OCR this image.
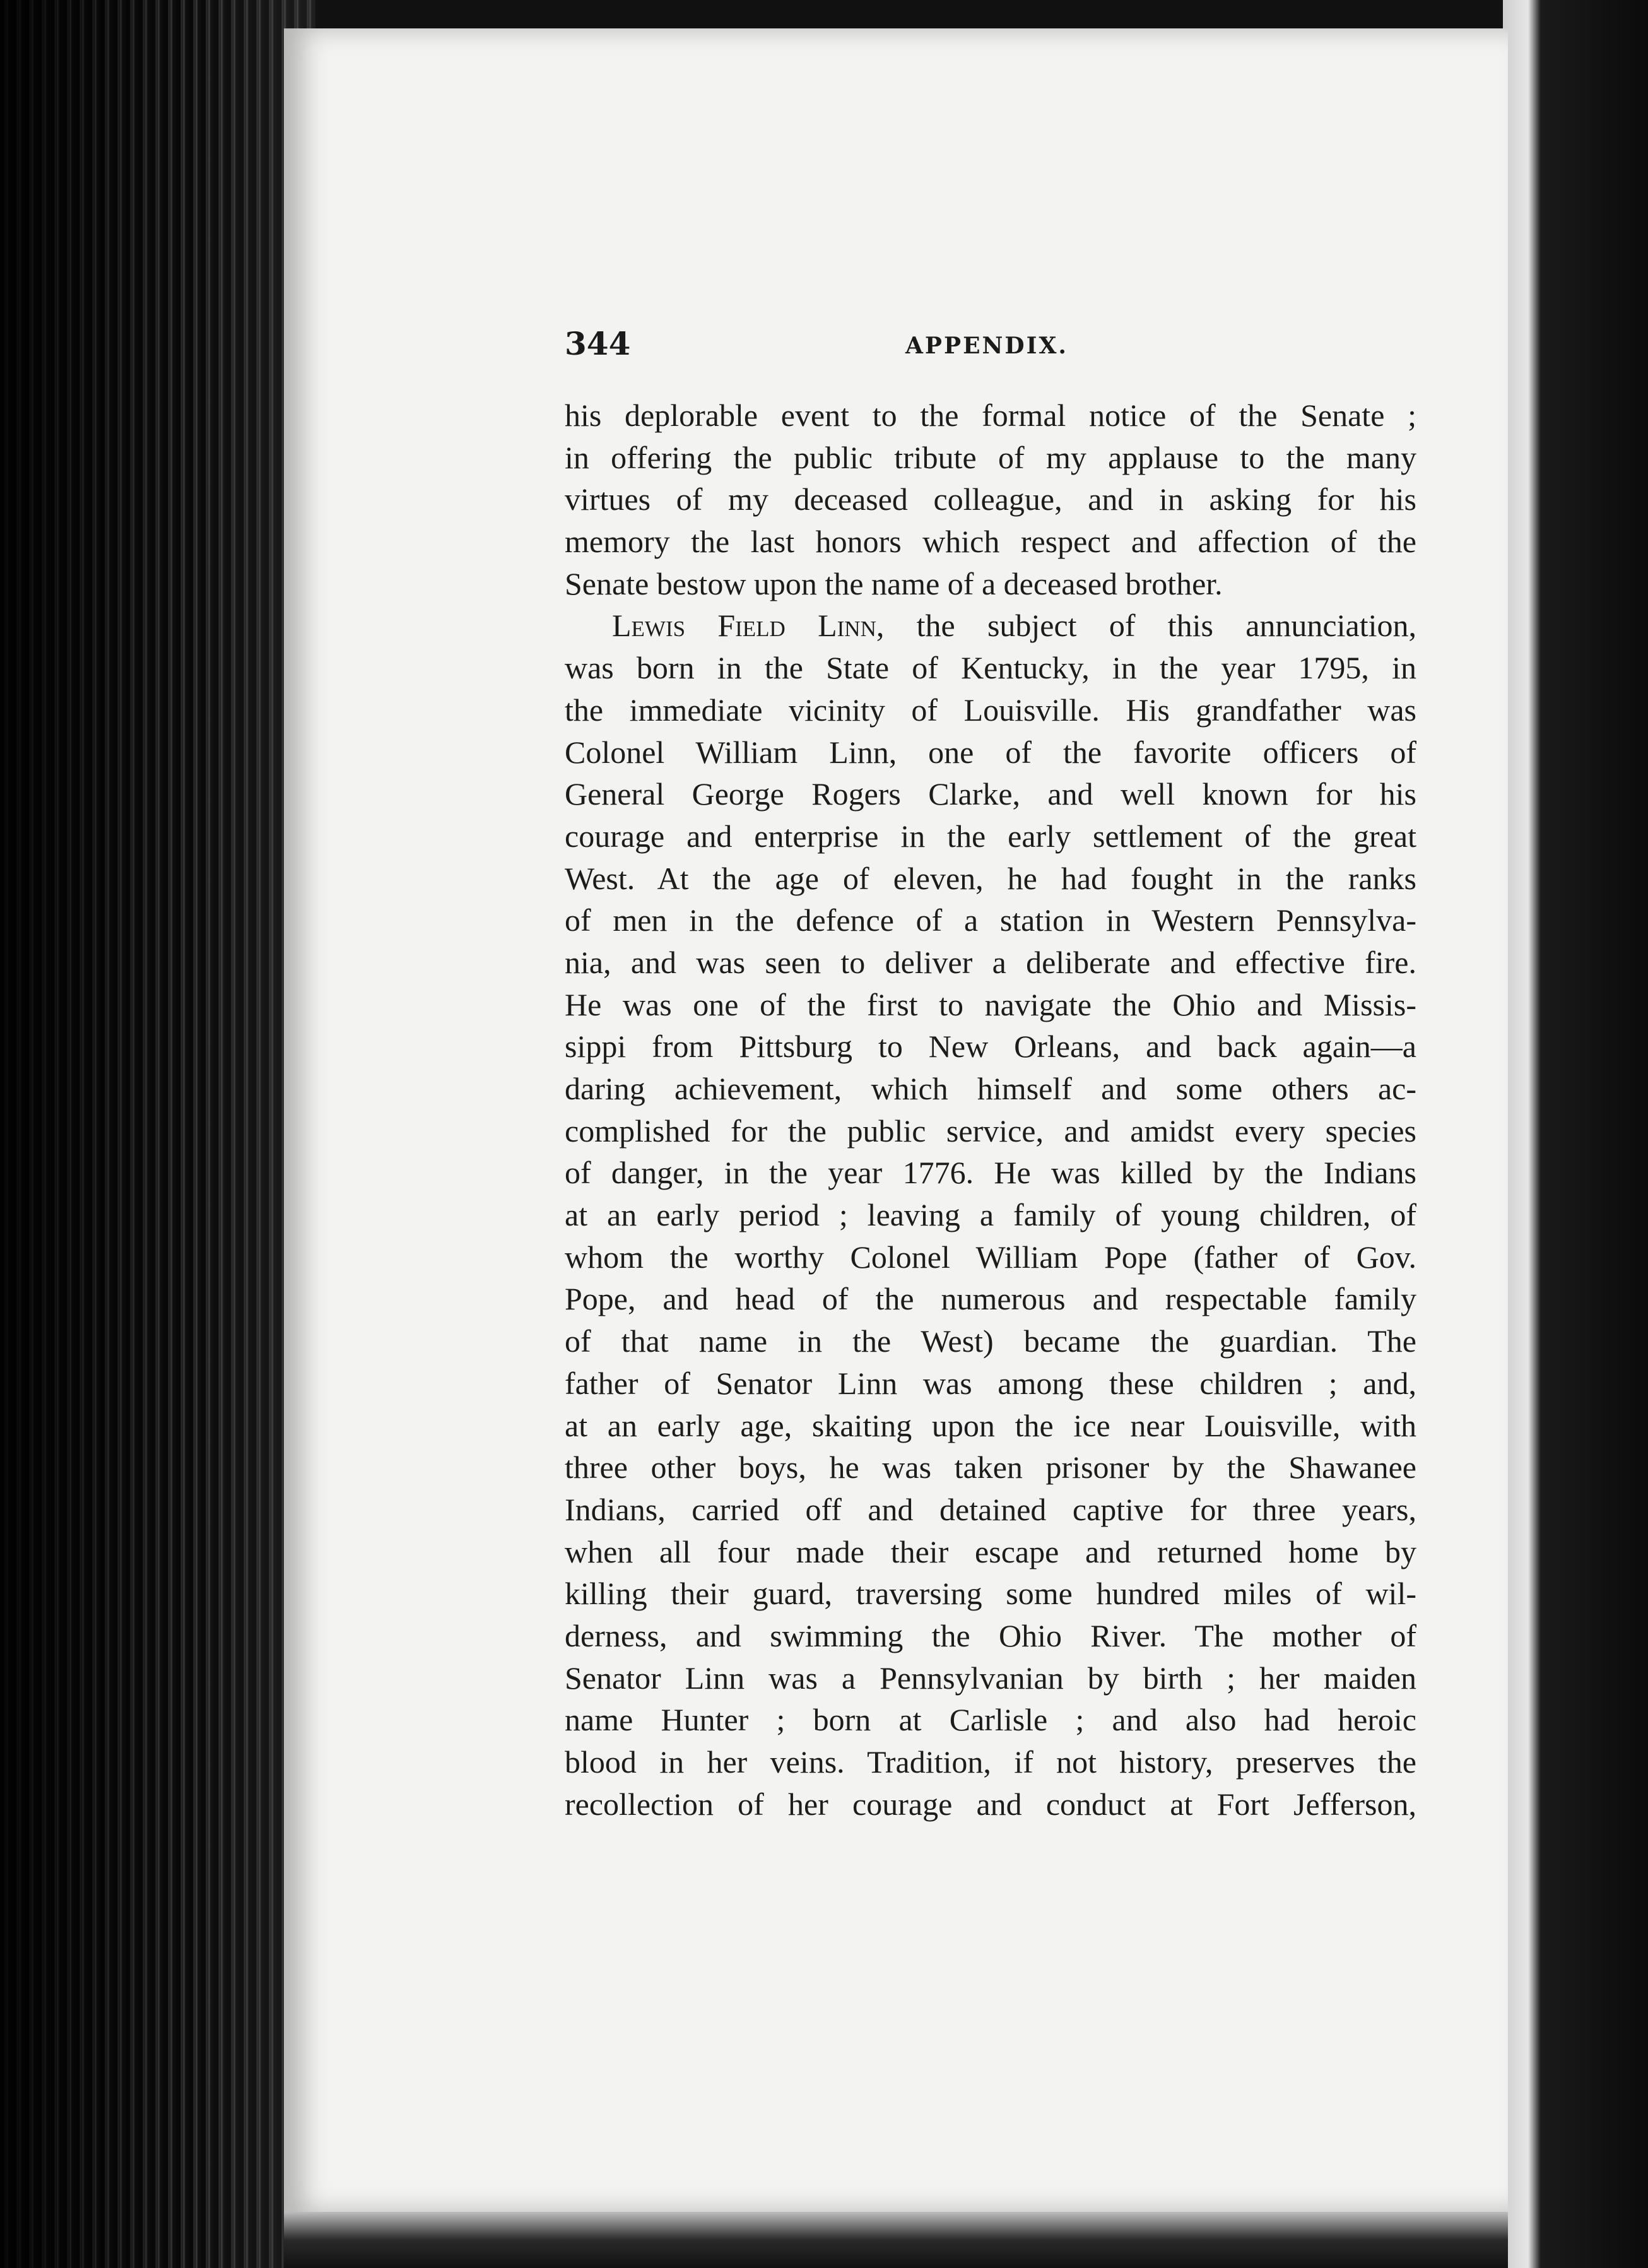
344	APPENDIX.
his deplorable event to the formal notice of the Senate ;
in offering the public tribute of my applause to the many
virtues of my deceased colleague, and in asking for his
memory the last honors which respect and affection of the
Senate bestow upon the name of a deceased brother.
Lewis Field Linn, the subject of this annunciation,
was born in the State of Kentucky, in the year 1795, in
the immediate vicinity of Louisville. His grandfather was
Colonel William Linn, one of the favorite officers of
General George Rogers Clarke, and well known for his
courage and enterprise in the early settlement of the great
West. At the age of eleven, he had fought in the ranks
of men in the defence of a station in Western Pennsylva-
nia, and was seen to deliver a deliberate and effective fire.
He was one of the first to navigate the Ohio and Missis-
sippi from Pittsburg to New Orleans, and back again—a
daring achievement, which himself and some others ac-
complished for the public service, and amidst every species
of danger, in the year 1776. He was killed by the Indians
at an early period ; leaving a family of young children, of
whom the worthy Colonel William Pope (father of Gov.
Pope, and head of the numerous and respectable family
of that name in the West) became the guardian. The
father of Senator Linn was among these children ; and,
at an early age, skaiting upon the ice near Louisville, with
three other boys, he was taken prisoner by the Shawanee
Indians, carried off and detained captive for three years,
when all four made their escape and returned home by
killing their guard, traversing some hundred miles of wil-
derness, and swimming the Ohio River. The mother of
Senator Linn was a Pennsylvanian by birth ; her maiden
name Hunter ; born at Carlisle ; and also had heroic
blood in her veins. Tradition, if not history, preserves the
recollection of her courage and conduct at Fort Jefferson,
